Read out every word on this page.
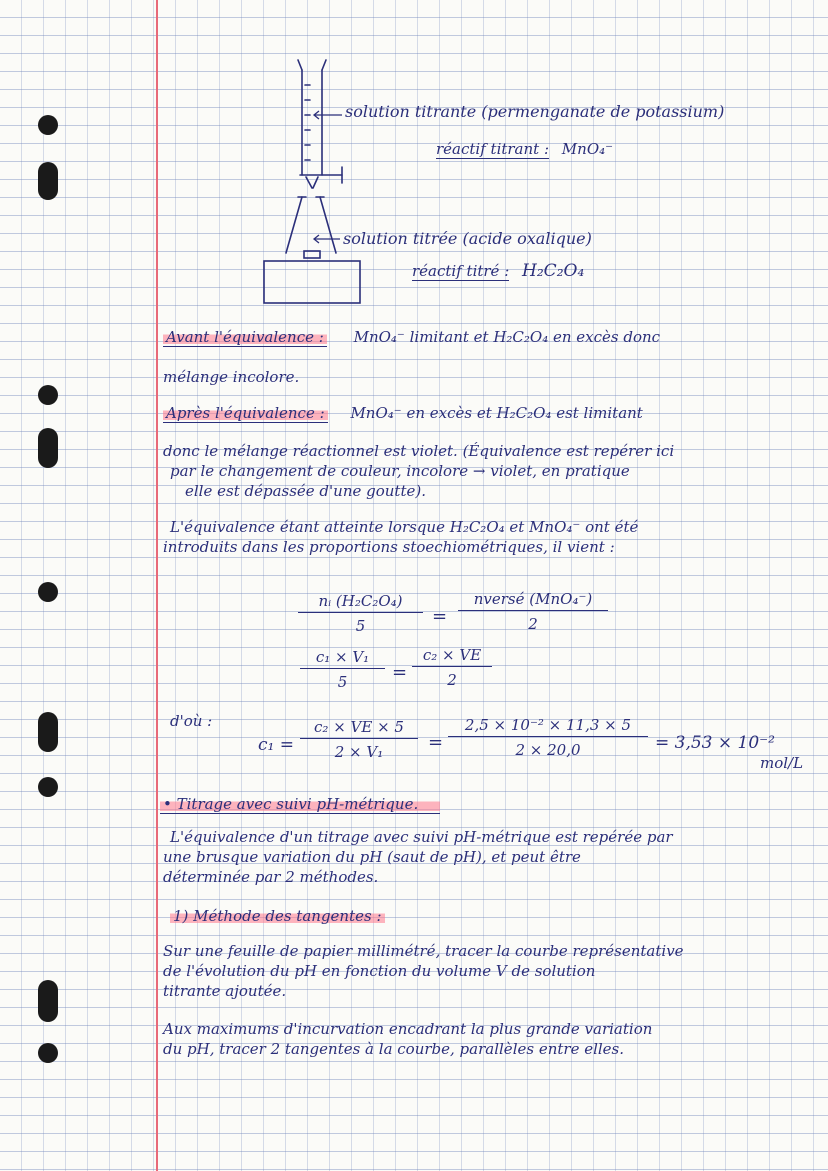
solution titrante (permenganate de potassium)
réactif titrant : MnO₄⁻
solution titrée (acide oxalique)
réactif titré : H₂C₂O₄
Avant l'équivalence : MnO₄⁻ limitant et H₂C₂O₄ en excès donc
mélange incolore.
Après l'équivalence : MnO₄⁻ en excès et H₂C₂O₄ est limitant
donc le mélange réactionnel est violet. (Équivalence est repérer ici
par le changement de couleur, incolore → violet, en pratique
elle est dépassée d'une goutte).
L'équivalence étant atteinte lorsque H₂C₂O₄ et MnO₄⁻ ont été
introduits dans les proportions stoechiométriques, il vient :
$\frac{\text{nᵢ (H₂C₂O₄)}}{5}$ =
nversé (MnO₄⁻)
2
$\frac{\text{c₁ × V₁}}{5} = \frac{\text{c₂ × VE}}{2}$
d'où :
$c_1 = \frac{\text{c₂ × VE × 5}}{\text{2 × V₁}} = \frac{\text{2,5 × 10⁻² × 11,3 × 5}}{2 \times 20,0} = 3,53 \times 10^{-2}$
mol/L
• Titrage avec suivi pH-métrique.
L'équivalence d'un titrage avec suivi pH-métrique est repérée par
une brusque variation du pH (saut de pH), et peut être
déterminée par 2 méthodes.
1) Méthode des tangentes :
Sur une feuille de papier millimétré, tracer la courbe représentative
de l'évolution du pH en fonction du volume V de solution
titrante ajoutée.
Aux maximums d'incurvation encadrant la plus grande variation
du pH, tracer 2 tangentes à la courbe, parallèles entre elles.
